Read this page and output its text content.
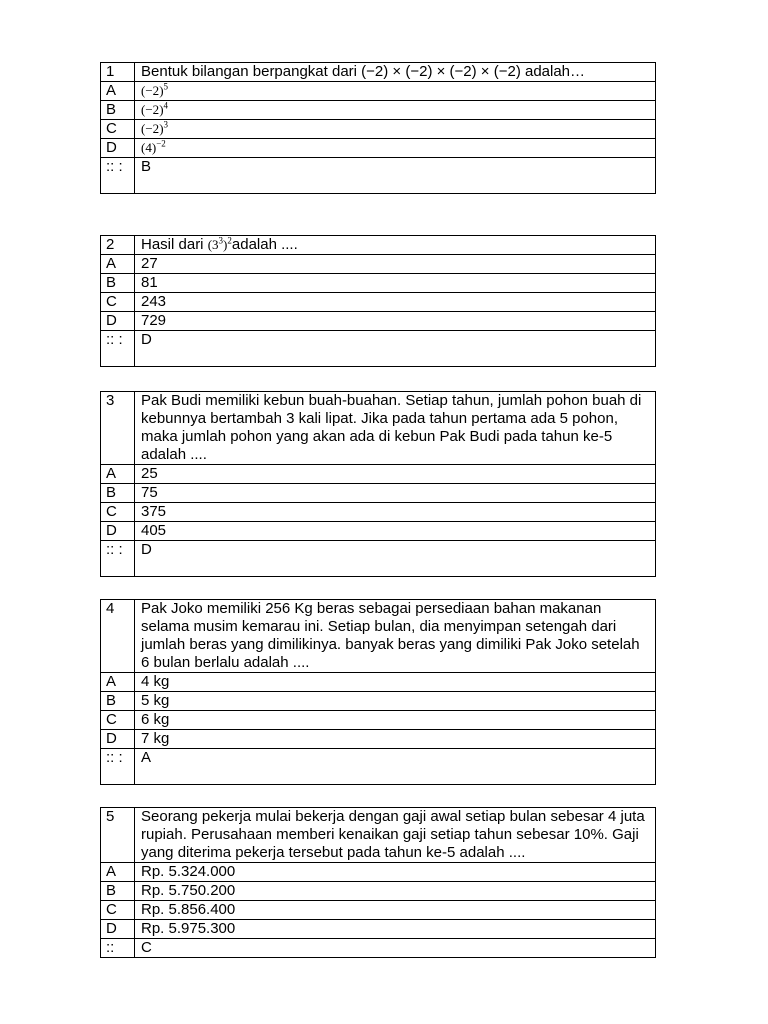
1	Bentuk bilangan berpangkat dari (−2) × (−2) × (−2) × (−2) adalah…
A	$(-2)^5$
B	$(-2)^4$
C	$(-2)^3$
D	$(4)^{-2}$
:: :	B
2	Hasil dari $(3^3)^2adalah$ ....
A	27
B	81
C	243
D	729
:: :	D
3	Pak Budi memiliki kebun buah-buahan. Setiap tahun, jumlah pohon buah di kebunnya bertambah 3 kali lipat. Jika pada tahun pertama ada 5 pohon, maka jumlah pohon yang akan ada di kebun Pak Budi pada tahun ke-5 adalah ....
A	25
B	75
C	375
D	405
:: :	D
4	Pak Joko memiliki 256 Kg beras sebagai persediaan bahan makanan selama musim kemarau ini. Setiap bulan, dia menyimpan setengah dari jumlah beras yang dimilikinya. banyak beras yang dimiliki Pak Joko setelah 6 bulan berlalu adalah ....
A	4 kg
B	5 kg
C	6 kg
D	7 kg
:: :	A
5	Seorang pekerja mulai bekerja dengan gaji awal setiap bulan sebesar 4 juta rupiah. Perusahaan memberi kenaikan gaji setiap tahun sebesar 10%. Gaji yang diterima pekerja tersebut pada tahun ke-5 adalah ....
A	Rp. 5.324.000
B	Rp. 5.750.200
C	Rp. 5.856.400
D	Rp. 5.975.300
::	C
